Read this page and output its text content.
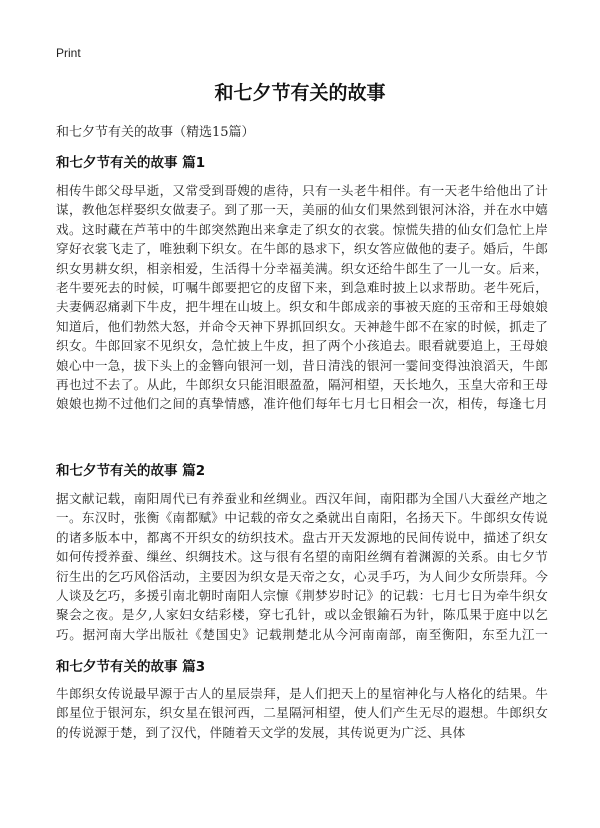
Print
和七夕节有关的故事
和七夕节有关的故事（精选15篇）
和七夕节有关的故事 篇1

相传牛郎父母早逝，又常受到哥嫂的虐待，只有一头老牛相伴。有一天老牛给他出了计谋，教他怎样娶织女做妻子。到了那一天，美丽的仙女们果然到银河沐浴，并在水中嬉戏。这时藏在芦苇中的牛郎突然跑出来拿走了织女的衣裳。惊慌失措的仙女们急忙上岸穿好衣裳飞走了，唯独剩下织女。在牛郎的恳求下，织女答应做他的妻子。婚后，牛郎织女男耕女织，相亲相爱，生活得十分幸福美满。织女还给牛郎生了一儿一女。后来，老牛要死去的时候，叮嘱牛郎要把它的皮留下来，到急难时披上以求帮助。老牛死后，夫妻俩忍痛剥下牛皮，把牛埋在山坡上。织女和牛郎成亲的事被天庭的玉帝和王母娘娘知道后，他们勃然大怒，并命令天神下界抓回织女。天神趁牛郎不在家的时候，抓走了织女。牛郎回家不见织女，急忙披上牛皮，担了两个小孩追去。眼看就要追上，王母娘娘心中一急，拔下头上的金簪向银河一划，昔日清浅的银河一霎间变得浊浪滔天，牛郎再也过不去了。从此，牛郎织女只能泪眼盈盈，隔河相望，天长地久，玉皇大帝和王母娘娘也拗不过他们之间的真挚情感，准许他们每年七月七日相会一次，相传，每逢七月

和七夕节有关的故事 篇2

据文献记载，南阳周代已有养蚕业和丝绸业。西汉年间，南阳郡为全国八大蚕丝产地之一。东汉时，张衡《南都赋》中记载的帝女之桑就出自南阳，名扬天下。牛郎织女传说的诸多版本中，都离不开织女的纺织技术。盘古开天发源地的民间传说中，描述了织女如何传授养蚕、缫丝、织绸技术。这与很有名望的南阳丝绸有着渊源的关系。由七夕节衍生出的乞巧风俗活动，主要因为织女是天帝之女，心灵手巧，为人间少女所崇拜。今人谈及乞巧，多援引南北朝时南阳人宗懔《荆梦岁时记》的记载：七月七日为牵牛织女聚会之夜。是夕,人家妇女结彩楼，穿七孔针，或以金银鍮石为针，陈瓜果于庭中以乞巧。据河南大学出版社《楚国史》记载荆楚北从今河南南部，南至衡阳，东至九江一

和七夕节有关的故事 篇3

牛郎织女传说最早源于古人的星辰崇拜，是人们把天上的星宿神化与人格化的结果。牛郎星位于银河东，织女星在银河西，二星隔河相望，使人们产生无尽的遐想。牛郎织女的传说源于楚，到了汉代，伴随着天文学的发展，其传说更为广泛、具体
